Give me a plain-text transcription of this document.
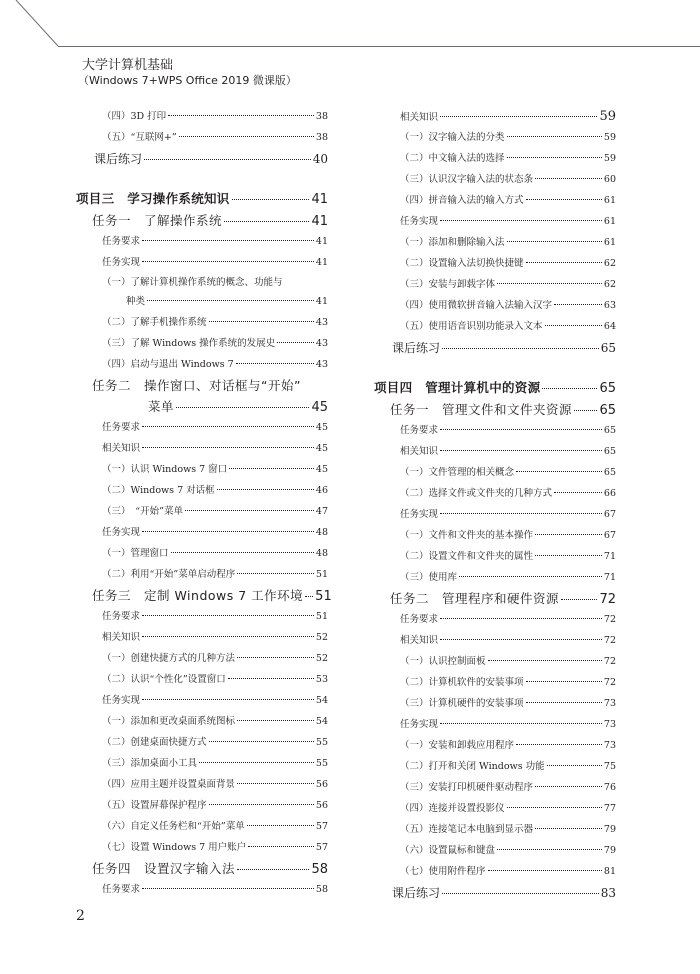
大学计算机基础
（Windows 7+WPS Office 2019 微课版）
（四）3D 打印	38
（五）“互联网+”	38
课后练习	40
项目三　学习操作系统知识	41
任务一　了解操作系统	41
任务要求	41
任务实现	41
（一）了解计算机操作系统的概念、功能与
种类	41
（二）了解手机操作系统	43
（三）了解 Windows 操作系统的发展史	43
（四）启动与退出 Windows 7	43
任务二　操作窗口、对话框与“开始”
菜单	45
任务要求	45
相关知识	45
（一）认识 Windows 7 窗口	45
（二）Windows 7 对话框	46
（三）　“开始”菜单	47
任务实现	48
（一）管理窗口	48
（二）利用“开始”菜单启动程序	51
任务三　定制 Windows 7 工作环境 51
任务要求	51
相关知识	52
（一）创建快捷方式的几种方法	52
（二）认识“个性化”设置窗口	53
任务实现	54
（一）添加和更改桌面系统图标	54
（二）创建桌面快捷方式	55
（三）添加桌面小工具	55
（四）应用主题并设置桌面背景	56
（五）设置屏幕保护程序	56
（六）自定义任务栏和“开始”菜单	57
（七）设置 Windows 7 用户账户	57
任务四　设置汉字输入法	58
任务要求	58
相关知识	59
（一）汉字输入法的分类	59
（二）中文输入法的选择	59
（三）认识汉字输入法的状态条	60
（四）拼音输入法的输入方式	61
任务实现	61
（一）添加和删除输入法	61
（二）设置输入法切换快捷键	62
（三）安装与卸载字体	62
（四）使用微软拼音输入法输入汉字	63
（五）使用语音识别功能录入文本	64
课后练习	65
项目四　管理计算机中的资源	65
任务一　管理文件和文件夹资源 65
任务要求	65
相关知识	65
（一）文件管理的相关概念	65
（二）选择文件或文件夹的几种方式	66
任务实现	67
（一）文件和文件夹的基本操作	67
（二）设置文件和文件夹的属性	71
（三）使用库	71
任务二　管理程序和硬件资源	72
任务要求	72
相关知识	72
（一）认识控制面板	72
（二）计算机软件的安装事项	72
（三）计算机硬件的安装事项	73
任务实现	73
（一）安装和卸载应用程序	73
（二）打开和关闭 Windows 功能	75
（三）安装打印机硬件驱动程序	76
（四）连接并设置投影仪	77
（五）连接笔记本电脑到显示器	79
（六）设置鼠标和键盘	79
（七）使用附件程序	81
课后练习	83
2
